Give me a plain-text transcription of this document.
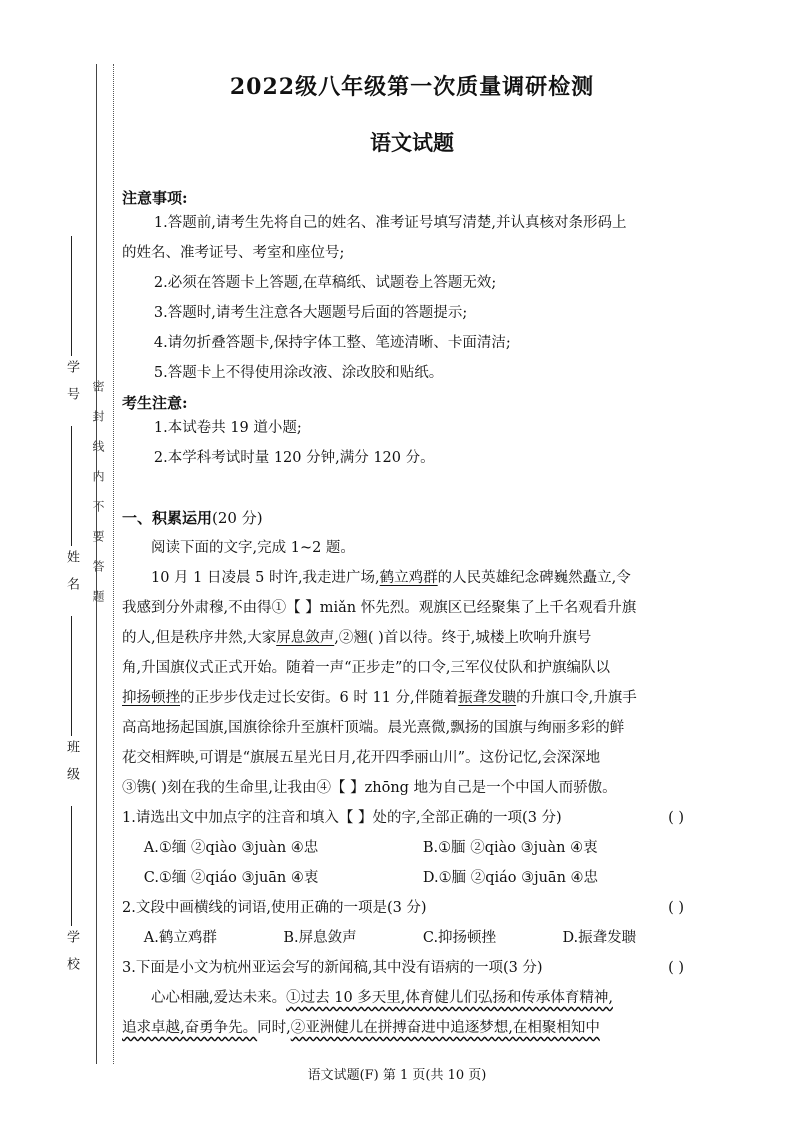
密封线内不要答题
学号
姓名
班级
学校
2022级八年级第一次质量调研检测
语文试题
注意事项:

1.答题前,请考生先将自己的姓名、准考证号填写清楚,并认真核对条形码上

的姓名、准考证号、考室和座位号;

2.必须在答题卡上答题,在草稿纸、试题卷上答题无效;

3.答题时,请考生注意各大题题号后面的答题提示;

4.请勿折叠答题卡,保持字体工整、笔迹清晰、卡面清洁;

5.答题卡上不得使用涂改液、涂改胶和贴纸。

考生注意:

1.本试卷共 19 道小题;

2.本学科考试时量 120 分钟,满分 120 分。

一、积累运用(20 分)

阅读下面的文字,完成 1~2 题。

10 月 1 日凌晨 5 时许,我走进广场,鹤立鸡群的人民英雄纪念碑巍然矗立,令

我感到分外肃穆,不由得①【 】miǎn 怀先烈。观旗区已经聚集了上千名观看升旗

的人,但是秩序井然,大家屏息敛声,②翘( )首以待。终于,城楼上吹响升旗号

角,升国旗仪式正式开始。随着一声“正步走”的口令,三军仪仗队和护旗编队以

抑扬顿挫的正步步伐走过长安街。6 时 11 分,伴随着振聋发聩的升旗口令,升旗手

高高地扬起国旗,国旗徐徐升至旗杆顶端。晨光熹微,飘扬的国旗与绚丽多彩的鲜

花交相辉映,可谓是“旗展五星光日月,花开四季丽山川”。这份记忆,会深深地

③镌( )刻在我的生命里,让我由④【 】zhōng 地为自己是一个中国人而骄傲。

1.请选出文中加点字的注音和填入【 】处的字,全部正确的一项(3 分)	( )
A.①缅 ②qiào ③juàn ④忠	B.①腼 ②qiào ③juàn ④衷
C.①缅 ②qiáo ③juān ④衷	D.①腼 ②qiáo ③juān ④忠
2.文段中画横线的词语,使用正确的一项是(3 分)	( )
A.鹤立鸡群	B.屏息敛声	C.抑扬顿挫	D.振聋发聩
3.下面是小文为杭州亚运会写的新闻稿,其中没有语病的一项(3 分)	( )

心心相融,爱达未来。①过去 10 多天里,体育健儿们弘扬和传承体育精神,

追求卓越,奋勇争先。同时,②亚洲健儿在拼搏奋进中追逐梦想,在相聚相知中

语文试题(F) 第 1 页(共 10 页)
